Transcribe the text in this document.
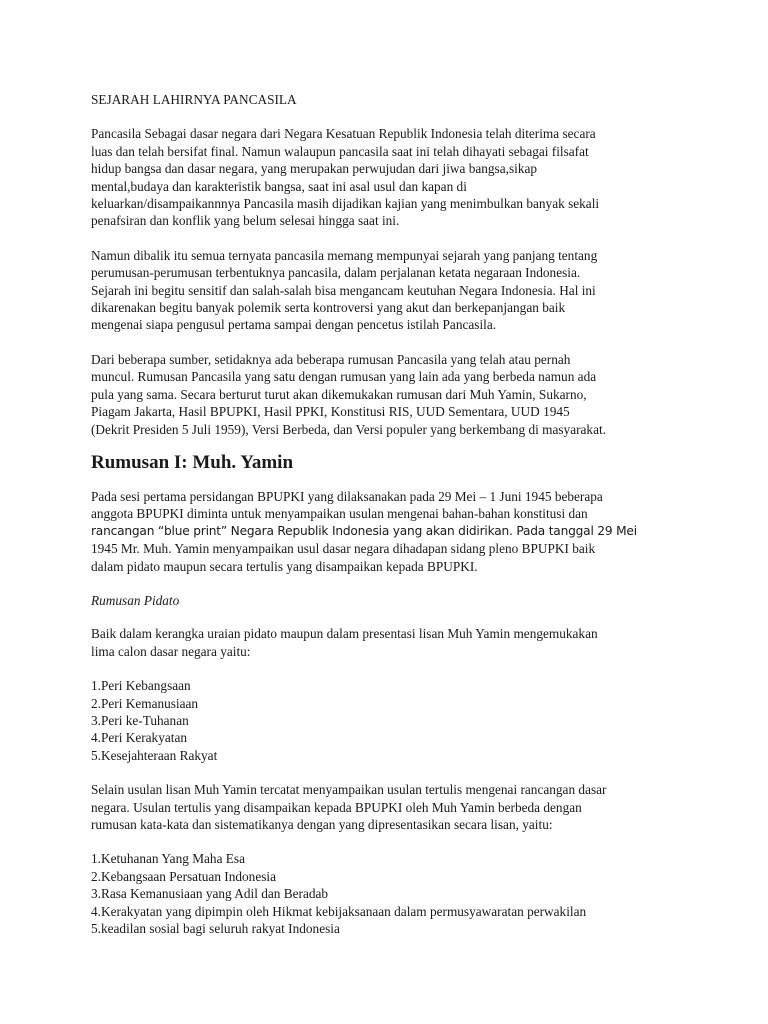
SEJARAH LAHIRNYA PANCASILA
Pancasila Sebagai dasar negara dari Negara Kesatuan Republik Indonesia telah diterima secara
luas dan telah bersifat final. Namun walaupun pancasila saat ini telah dihayati sebagai filsafat
hidup bangsa dan dasar negara, yang merupakan perwujudan dari jiwa bangsa,sikap
mental,budaya dan karakteristik bangsa, saat ini asal usul dan kapan di
keluarkan/disampaikannnya Pancasila masih dijadikan kajian yang menimbulkan banyak sekali
penafsiran dan konflik yang belum selesai hingga saat ini.
Namun dibalik itu semua ternyata pancasila memang mempunyai sejarah yang panjang tentang
perumusan-perumusan terbentuknya pancasila, dalam perjalanan ketata negaraan Indonesia.
Sejarah ini begitu sensitif dan salah-salah bisa mengancam keutuhan Negara Indonesia. Hal ini
dikarenakan begitu banyak polemik serta kontroversi yang akut dan berkepanjangan baik
mengenai siapa pengusul pertama sampai dengan pencetus istilah Pancasila.
Dari beberapa sumber, setidaknya ada beberapa rumusan Pancasila yang telah atau pernah
muncul. Rumusan Pancasila yang satu dengan rumusan yang lain ada yang berbeda namun ada
pula yang sama. Secara berturut turut akan dikemukakan rumusan dari Muh Yamin, Sukarno,
Piagam Jakarta, Hasil BPUPKI, Hasil PPKI, Konstitusi RIS, UUD Sementara, UUD 1945
(Dekrit Presiden 5 Juli 1959), Versi Berbeda, dan Versi populer yang berkembang di masyarakat.
Rumusan I: Muh. Yamin
Pada sesi pertama persidangan BPUPKI yang dilaksanakan pada 29 Mei – 1 Juni 1945 beberapa
anggota BPUPKI diminta untuk menyampaikan usulan mengenai bahan-bahan konstitusi dan
rancangan “blue print” Negara Republik Indonesia yang akan didirikan. Pada tanggal 29 Mei
1945 Mr. Muh. Yamin menyampaikan usul dasar negara dihadapan sidang pleno BPUPKI baik
dalam pidato maupun secara tertulis yang disampaikan kepada BPUPKI.
Rumusan Pidato
Baik dalam kerangka uraian pidato maupun dalam presentasi lisan Muh Yamin mengemukakan
lima calon dasar negara yaitu:
1.Peri Kebangsaan
2.Peri Kemanusiaan
3.Peri ke-Tuhanan
4.Peri Kerakyatan
5.Kesejahteraan Rakyat
Selain usulan lisan Muh Yamin tercatat menyampaikan usulan tertulis mengenai rancangan dasar
negara. Usulan tertulis yang disampaikan kepada BPUPKI oleh Muh Yamin berbeda dengan
rumusan kata-kata dan sistematikanya dengan yang dipresentasikan secara lisan, yaitu:
1.Ketuhanan Yang Maha Esa
2.Kebangsaan Persatuan Indonesia
3.Rasa Kemanusiaan yang Adil dan Beradab
4.Kerakyatan yang dipimpin oleh Hikmat kebijaksanaan dalam permusyawaratan perwakilan
5.keadilan sosial bagi seluruh rakyat Indonesia
